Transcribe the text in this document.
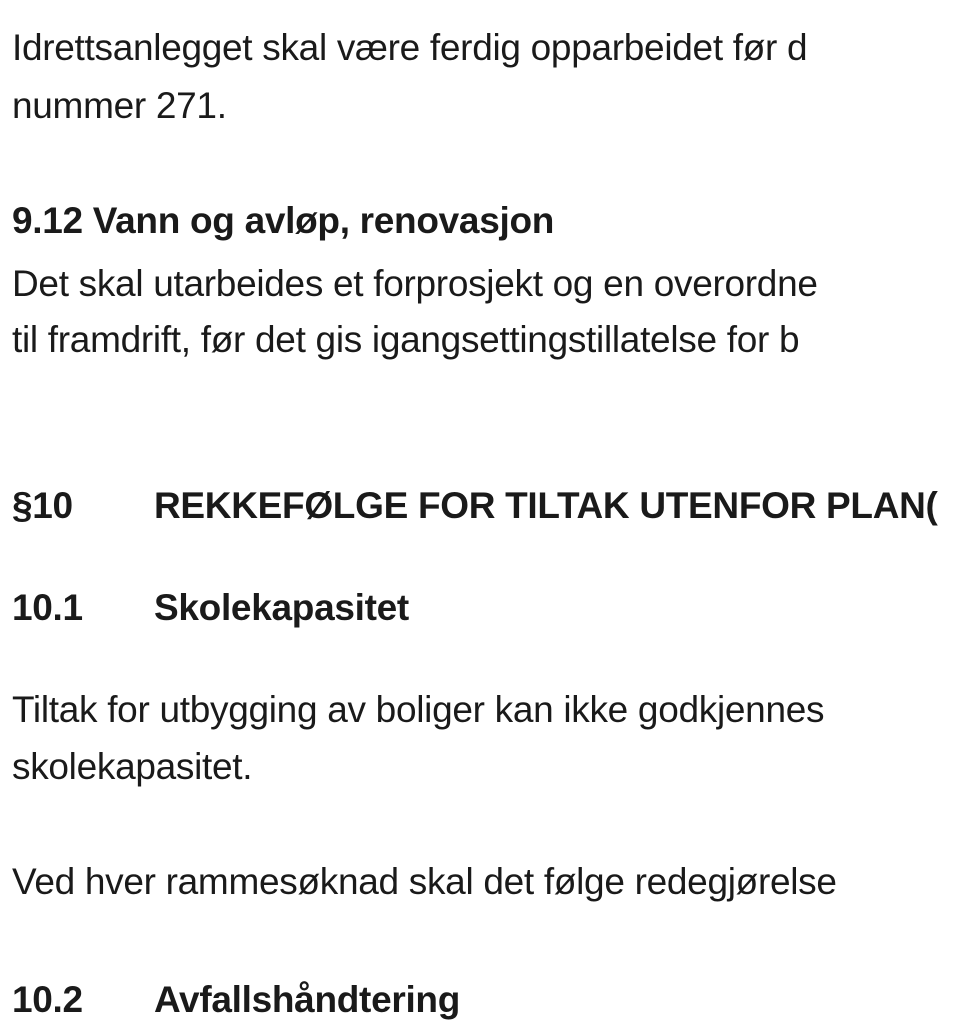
Idrettsanlegget skal være ferdig opparbeidet før d
nummer 271.
9.12 Vann og avløp, renovasjon
Det skal utarbeides et forprosjekt og en overordne
til framdrift, før det gis igangsettingstillatelse for b
§10 REKKEFØLGE FOR TILTAK UTENFOR PLAN(
10.1 Skolekapasitet
Tiltak for utbygging av boliger kan ikke godkjennes
skolekapasitet.
Ved hver rammesøknad skal det følge redegjørelse
10.2 Avfallshåndtering
